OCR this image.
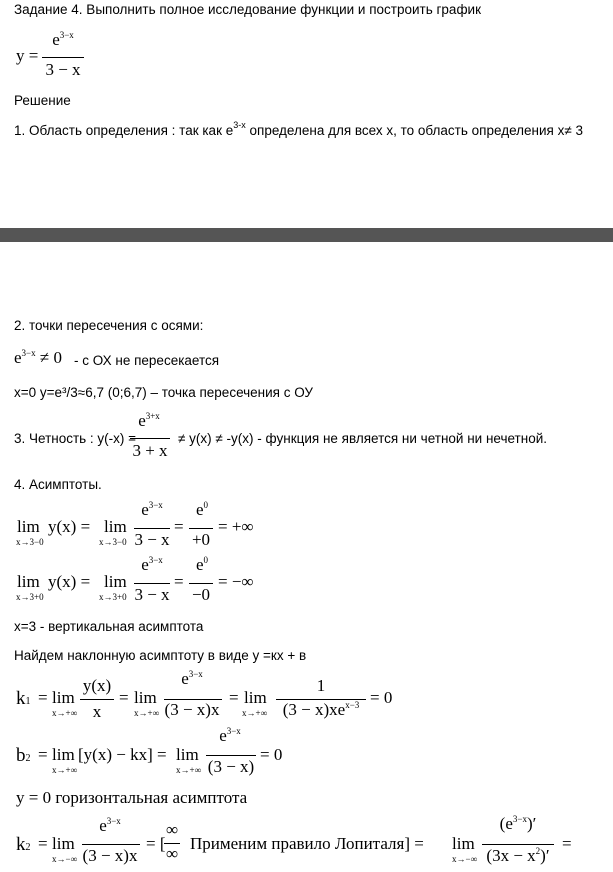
Задание 4. Выполнить полное исследование функции и построить график
y =
$e^{3-x}$
3 − x
Решение
1. Область определения : так как $e^{3-x}$ определена для всех x, то область определения x≠ 3
2. точки пересечения с осями:
$e^{3-x} \ne 0 - с$ ОХ не пересекается
x=0 y=e³/3≈6,7 (0;6,7) – точка пересечения с ОУ
3. Четность : y(-x) =
$e^{3+x}$
3 + x
≠ y(x) ≠ -y(x) - функция не является ни четной ни нечетной.
4. Асимптоты.
lim
x→3−0
y(x) = lim
x→3−0
$e^{3-x}$
3 − x
=
$e^0$
+0
= +∞
lim
x→3+0
y(x) = lim
x→3+0
$e^{3-x}$
3 − x
=
$e^0$
−0
= −∞
x=3 - вертикальная асимптота
Найдем наклонную асимптоту в виде y =кх + в
k1 = lim
x→+∞
y(x)
x
= lim
x→+∞
$e^{3-x}$
(3 − x)x
= lim
x→+∞
1
$(3 - x)xe^{x-3} = 0$
b2 = lim
x→+∞
[y(x) − kx] = lim
x→+∞
$e^{3-x}$
(3 − x)
= 0
y = 0 горизонтальная асимптота
k2 = lim
x→−∞
$e^{3-x}$
(3 − x)x
= [
∞
∞
Применим правило Лопиталя] = lim
x→−∞
$(e^{3-x})'$
$(3x - x^2)'$
=
